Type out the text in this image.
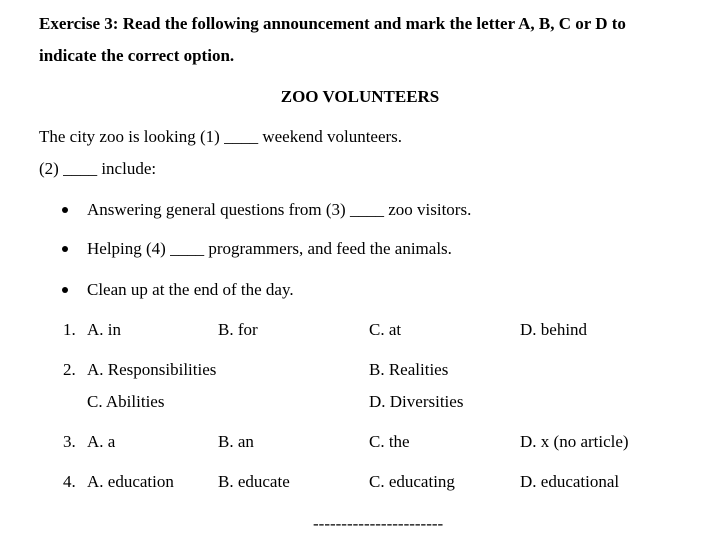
Exercise 3: Read the following announcement and mark the letter A, B, C or D to
indicate the correct option.
ZOO VOLUNTEERS
The city zoo is looking (1) ____ weekend volunteers.
(2) ____ include:
Answering general questions from (3) ____ zoo visitors.
Helping (4) ____ programmers, and feed the animals.
Clean up at the end of the day.
1. A. in	B. for	C. at	D. behind
2. A. Responsibilities	B. Realities
C. Abilities	D. Diversities
3. A. a	B. an	C. the	D. x (no article)
4. A. education	B. educate	C. educating	D. educational
-----------------------
